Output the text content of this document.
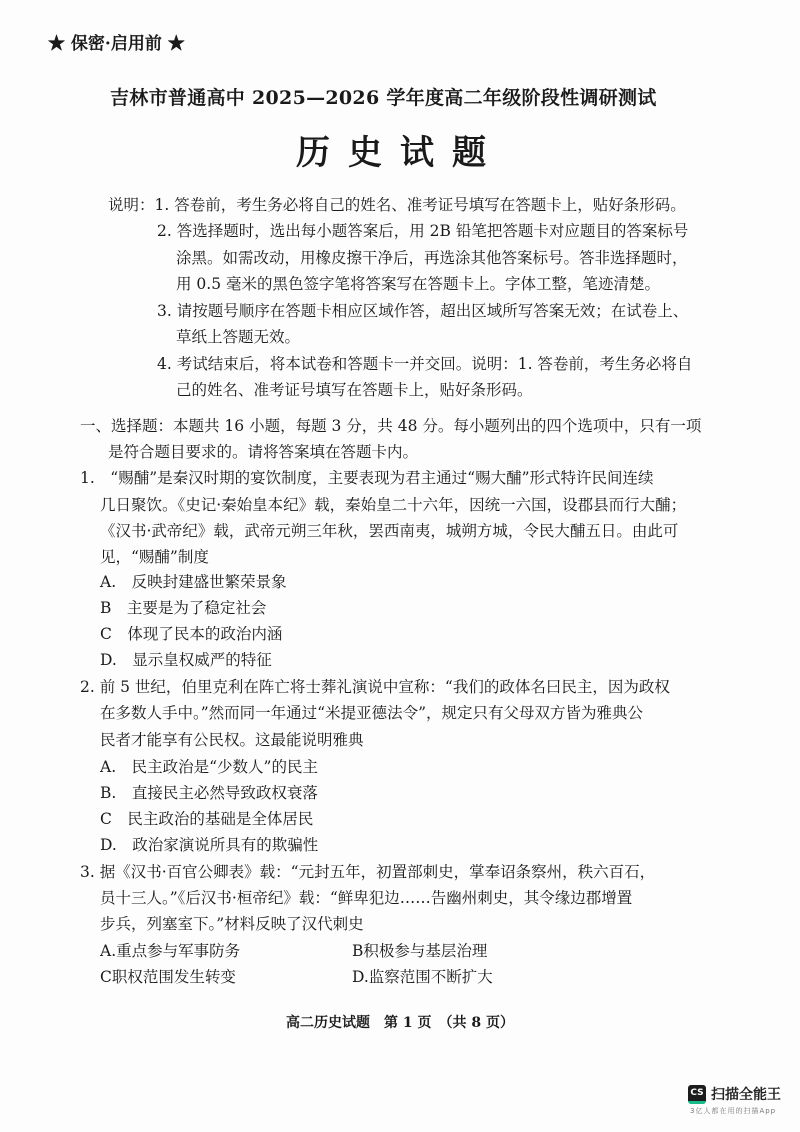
★ 保密·启用前 ★
吉林市普通高中 2025—2026 学年度高二年级阶段性调研测试
历史试题
说明：1. 答卷前，考生务必将自己的姓名、准考证号填写在答题卡上，贴好条形码。
2. 答选择题时，选出每小题答案后，用 2B 铅笔把答题卡对应题目的答案标号
涂黑。如需改动，用橡皮擦干净后，再选涂其他答案标号。答非选择题时，
用 0.5 毫米的黑色签字笔将答案写在答题卡上。字体工整，笔迹清楚。
3. 请按题号顺序在答题卡相应区域作答，超出区域所写答案无效；在试卷上、
草纸上答题无效。
4. 考试结束后，将本试卷和答题卡一并交回。说明：1. 答卷前，考生务必将自
己的姓名、准考证号填写在答题卡上，贴好条形码。
一、选择题：本题共 16 小题，每题 3 分，共 48 分。每小题列出的四个选项中，只有一项
是符合题目要求的。请将答案填在答题卡内。
1.　“赐酺”是秦汉时期的宴饮制度，主要表现为君主通过“赐大酺”形式特许民间连续
几日聚饮。《史记·秦始皇本纪》载，秦始皇二十六年，因统一六国，设郡县而行大酺；
《汉书·武帝纪》载，武帝元朔三年秋，罢西南夷，城朔方城，令民大酺五日。由此可
见，“赐酺”制度
A.　反映封建盛世繁荣景象
B　主要是为了稳定社会
C　体现了民本的政治内涵
D.　显示皇权威严的特征
2. 前 5 世纪，伯里克利在阵亡将士葬礼演说中宣称：“我们的政体名曰民主，因为政权
在多数人手中。”然而同一年通过“米提亚德法令”，规定只有父母双方皆为雅典公
民者才能享有公民权。这最能说明雅典
A.　民主政治是“少数人”的民主
B.　直接民主必然导致政权衰落
C　民主政治的基础是全体居民
D.　政治家演说所具有的欺骗性
3. 据《汉书·百官公卿表》载：“元封五年，初置部刺史，掌奉诏条察州，秩六百石，
员十三人。”《后汉书·桓帝纪》载：“鲜卑犯边……告幽州刺史，其令缘边郡增置
步兵，列塞室下。”材料反映了汉代刺史
A.重点参与军事防务	B积极参与基层治理
C职权范围发生转变	D.监察范围不断扩大
高二历史试题　第 1 页　（共 8 页）
CS 扫描全能王
3亿人都在用的扫描App
